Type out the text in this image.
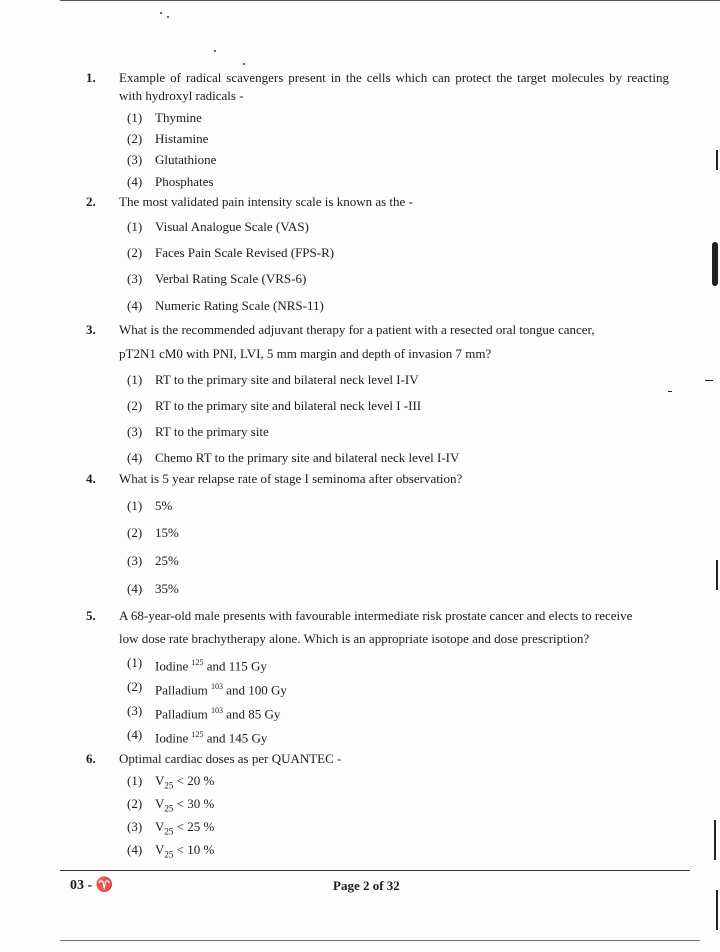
1. Example of radical scavengers present in the cells which can protect the target molecules by reacting with hydroxyl radicals -
(1) Thymine
(2) Histamine
(3) Glutathione
(4) Phosphates
2. The most validated pain intensity scale is known as the -
(1) Visual Analogue Scale (VAS)
(2) Faces Pain Scale Revised (FPS-R)
(3) Verbal Rating Scale (VRS-6)
(4) Numeric Rating Scale (NRS-11)
3. What is the recommended adjuvant therapy for a patient with a resected oral tongue cancer,
pT2N1 cM0 with PNI, LVI, 5 mm margin and depth of invasion 7 mm?
(1) RT to the primary site and bilateral neck level I-IV
(2) RT to the primary site and bilateral neck level I -III
(3) RT to the primary site
(4) Chemo RT to the primary site and bilateral neck level I-IV
4. What is 5 year relapse rate of stage I seminoma after observation?
(1) 5%
(2) 15%
(3) 25%
(4) 35%
5. A 68-year-old male presents with favourable intermediate risk prostate cancer and elects to receive
low dose rate brachytherapy alone. Which is an appropriate isotope and dose prescription?
(1) Iodine $^{125}$ and 115 Gy
(2) Palladium $^{103}$ and 100 Gy
(3) Palladium $^{103}$ and 85 Gy
(4) Iodine $^{125}$ and 145 Gy
6. Optimal cardiac doses as per QUANTEC -
(1) $V_{25} < 20$ %
(2) $V_{25} < 30$ %
(3) $V_{25} < 25$ %
(4) $V_{25} < 10$ %
03 - ♈	Page 2 of 32
